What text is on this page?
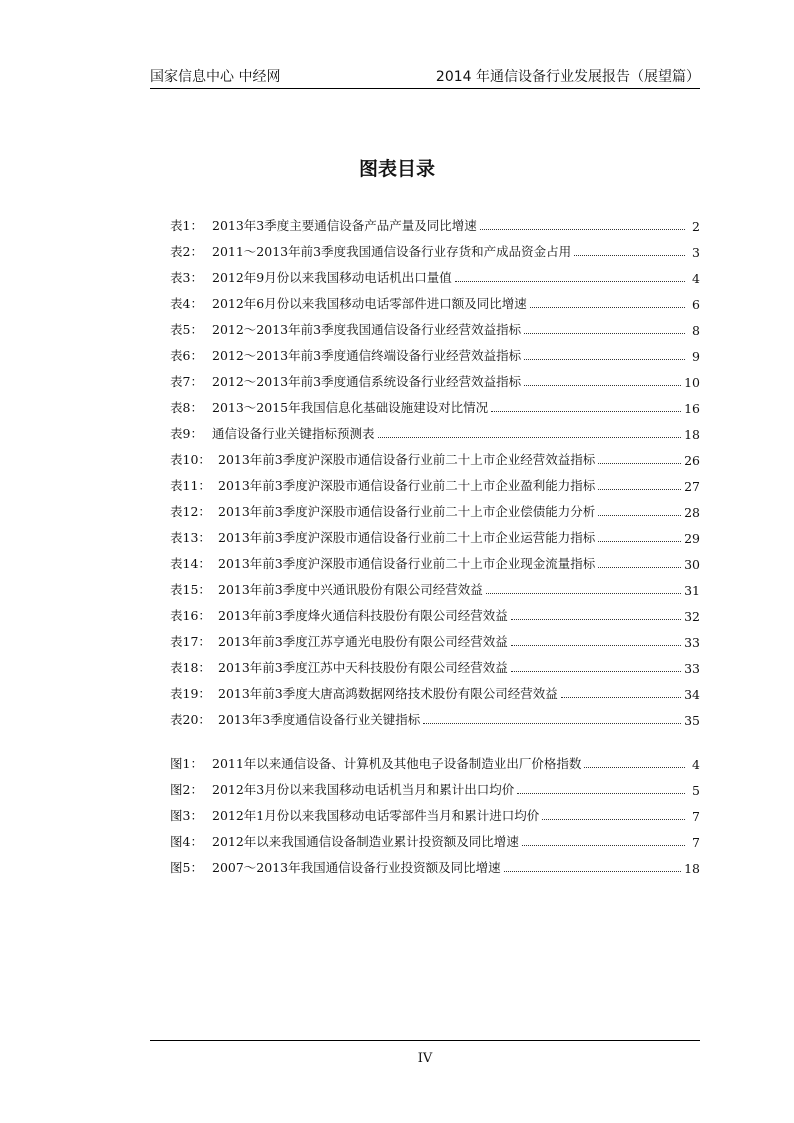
国家信息中心 中经网	2014 年通信设备行业发展报告（展望篇）
图表目录
表1： 2013年3季度主要通信设备产品产量及同比增速	2
表2： 2011～2013年前3季度我国通信设备行业存货和产成品资金占用	3
表3： 2012年9月份以来我国移动电话机出口量值	4
表4： 2012年6月份以来我国移动电话零部件进口额及同比增速	6
表5： 2012～2013年前3季度我国通信设备行业经营效益指标	8
表6： 2012～2013年前3季度通信终端设备行业经营效益指标	9
表7： 2012～2013年前3季度通信系统设备行业经营效益指标	10
表8： 2013～2015年我国信息化基础设施建设对比情况	16
表9： 通信设备行业关键指标预测表	18
表10： 2013年前3季度沪深股市通信设备行业前二十上市企业经营效益指标	26
表11： 2013年前3季度沪深股市通信设备行业前二十上市企业盈利能力指标	27
表12： 2013年前3季度沪深股市通信设备行业前二十上市企业偿债能力分析	28
表13： 2013年前3季度沪深股市通信设备行业前二十上市企业运营能力指标	29
表14： 2013年前3季度沪深股市通信设备行业前二十上市企业现金流量指标	30
表15： 2013年前3季度中兴通讯股份有限公司经营效益	31
表16： 2013年前3季度烽火通信科技股份有限公司经营效益	32
表17： 2013年前3季度江苏亨通光电股份有限公司经营效益	33
表18： 2013年前3季度江苏中天科技股份有限公司经营效益	33
表19： 2013年前3季度大唐高鸿数据网络技术股份有限公司经营效益	34
表20： 2013年3季度通信设备行业关键指标	35
图1： 2011年以来通信设备、计算机及其他电子设备制造业出厂价格指数	4
图2： 2012年3月份以来我国移动电话机当月和累计出口均价	5
图3： 2012年1月份以来我国移动电话零部件当月和累计进口均价	7
图4： 2012年以来我国通信设备制造业累计投资额及同比增速	7
图5： 2007～2013年我国通信设备行业投资额及同比增速	18
IV
